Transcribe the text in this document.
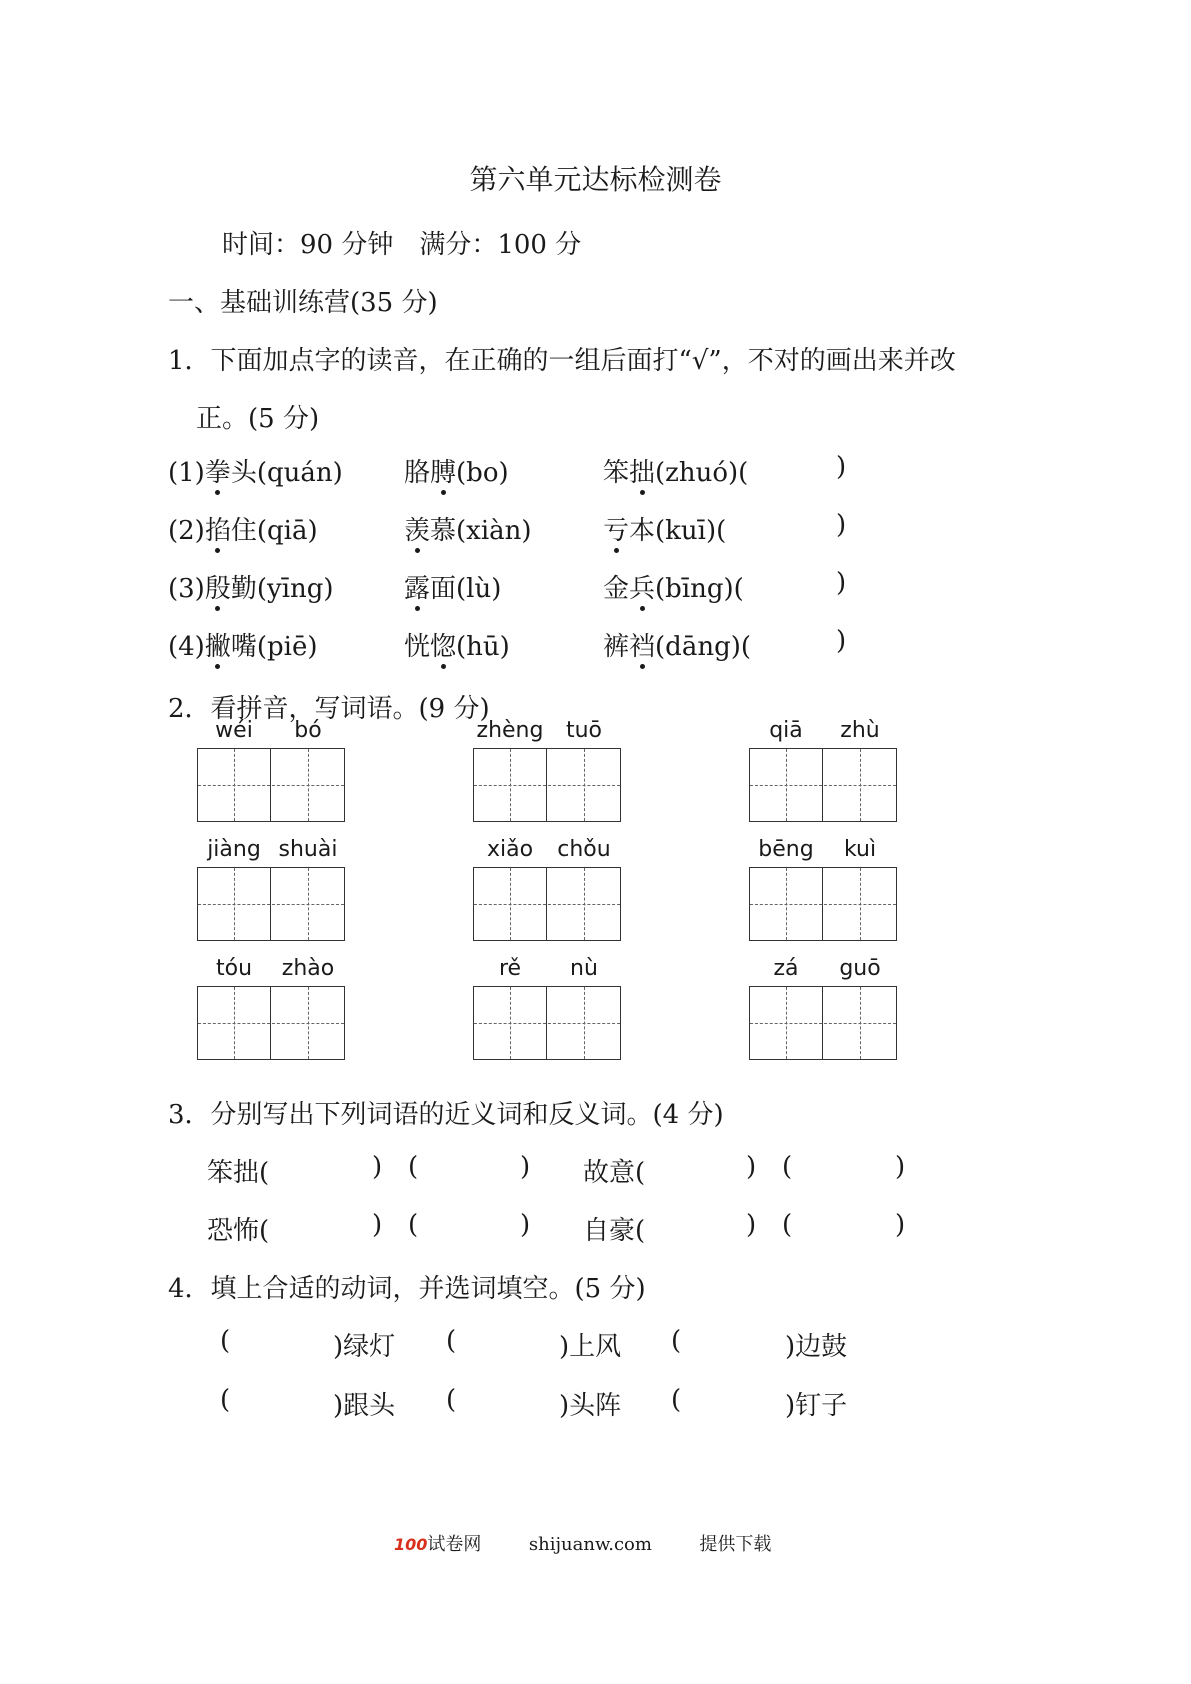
第六单元达标检测卷
时间：90 分钟　满分：100 分
一、基础训练营(35 分)
1．下面加点字的读音，在正确的一组后面打“√”，不对的画出来并改
正。(5 分)
(1)拳头(quán) 胳膊(bo)	笨拙(zhuó)(	)
(2)掐住(qiā)	羡慕(xiàn)	亏本(kuī)(	)
(3)殷勤(yīng)	露面(lù)	金兵(bīng)(	)
(4)撇嘴(piē)	恍惚(hū)	裤裆(dāng)(	)
2．看拼音，写词语。(9 分)
wéi	bó	zhèng	tuō	qiā	zhù
jiàng shuài	xiǎo	chǒu	bēng	kuì
tóu	zhào	rě	nù	zá	guō
3．分别写出下列词语的近义词和反义词。(4 分)
笨拙(	) (	) 故意(	) (	)
恐怖(	) (	) 自豪(	) (	)
4．填上合适的动词，并选词填空。(5 分)
(	)绿灯 (	)上风 (	)边鼓
(	)跟头 (	)头阵 (	)钉子
100试卷网	shijuanw.com	提供下载
